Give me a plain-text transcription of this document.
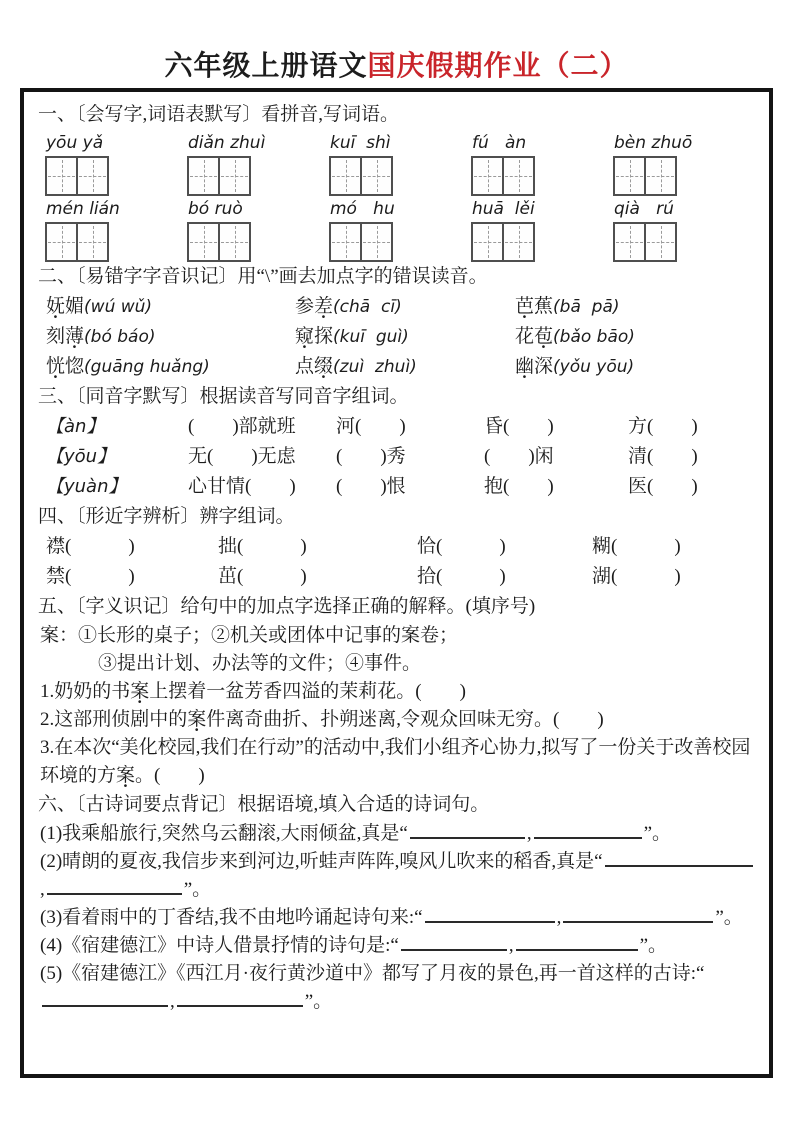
六年级上册语文国庆假期作业（二）
一、〔会写字,词语表默写〕看拼音,写词语。
yōu yǎ	diǎn zhuì	kuī  shì	fú   àn	bèn zhuō
mén lián	bó ruò	mó   hu	huā  lěi	qià   rú
二、〔易错字字音识记〕用“\”画去加点字的错误读音。
妩媚(wú wǔ)	参差(chā  cī)	芭蕉(bā  pā)
刻薄(bó báo)	窥探(kuī  guì)	花苞(bǎo bāo)
恍惚(guāng huǎng)	点缀(zuì  zhuì)	幽深(yǒu yōu)
三、〔同音字默写〕根据读音写同音字组词。
【àn】	(　　)部就班	河(　　)	昏(　　)	方(　　)
【yōu】	无(　　)无虑	(　　)秀	(　　)闲	清(　　)
【yuàn】	心甘情(　　)	(　　)恨	抱(　　)	医(　　)
四、〔形近字辨析〕辨字组词。
襟(　　　)	拙(　　　)	恰(　　　)	糊(　　　)
禁(　　　)	茁(　　　)	拾(　　　)	湖(　　　)
五、〔字义识记〕给句中的加点字选择正确的解释。(填序号)
案：①长形的桌子；②机关或团体中记事的案卷；
③提出计划、办法等的文件；④事件。
1.奶奶的书案上摆着一盆芳香四溢的茉莉花。(　　)
2.这部刑侦剧中的案件离奇曲折、扑朔迷离,令观众回味无穷。(　　)
3.在本次“美化校园,我们在行动”的活动中,我们小组齐心协力,拟写了一份关于改善校园环境的方案。(　　)
六、〔古诗词要点背记〕根据语境,填入合适的诗词句。
(1)我乘船旅行,突然乌云翻滚,大雨倾盆,真是“	,	”。
(2)晴朗的夏夜,我信步来到河边,听蛙声阵阵,嗅风儿吹来的稻香,真是“,	”。
(3)看着雨中的丁香结,我不由地吟诵起诗句来:“	,	”。
(4)《宿建德江》中诗人借景抒情的诗句是:“	,	”。
(5)《宿建德江》《西江月·夜行黄沙道中》都写了月夜的景色,再一首这样的古诗:“,	”。
